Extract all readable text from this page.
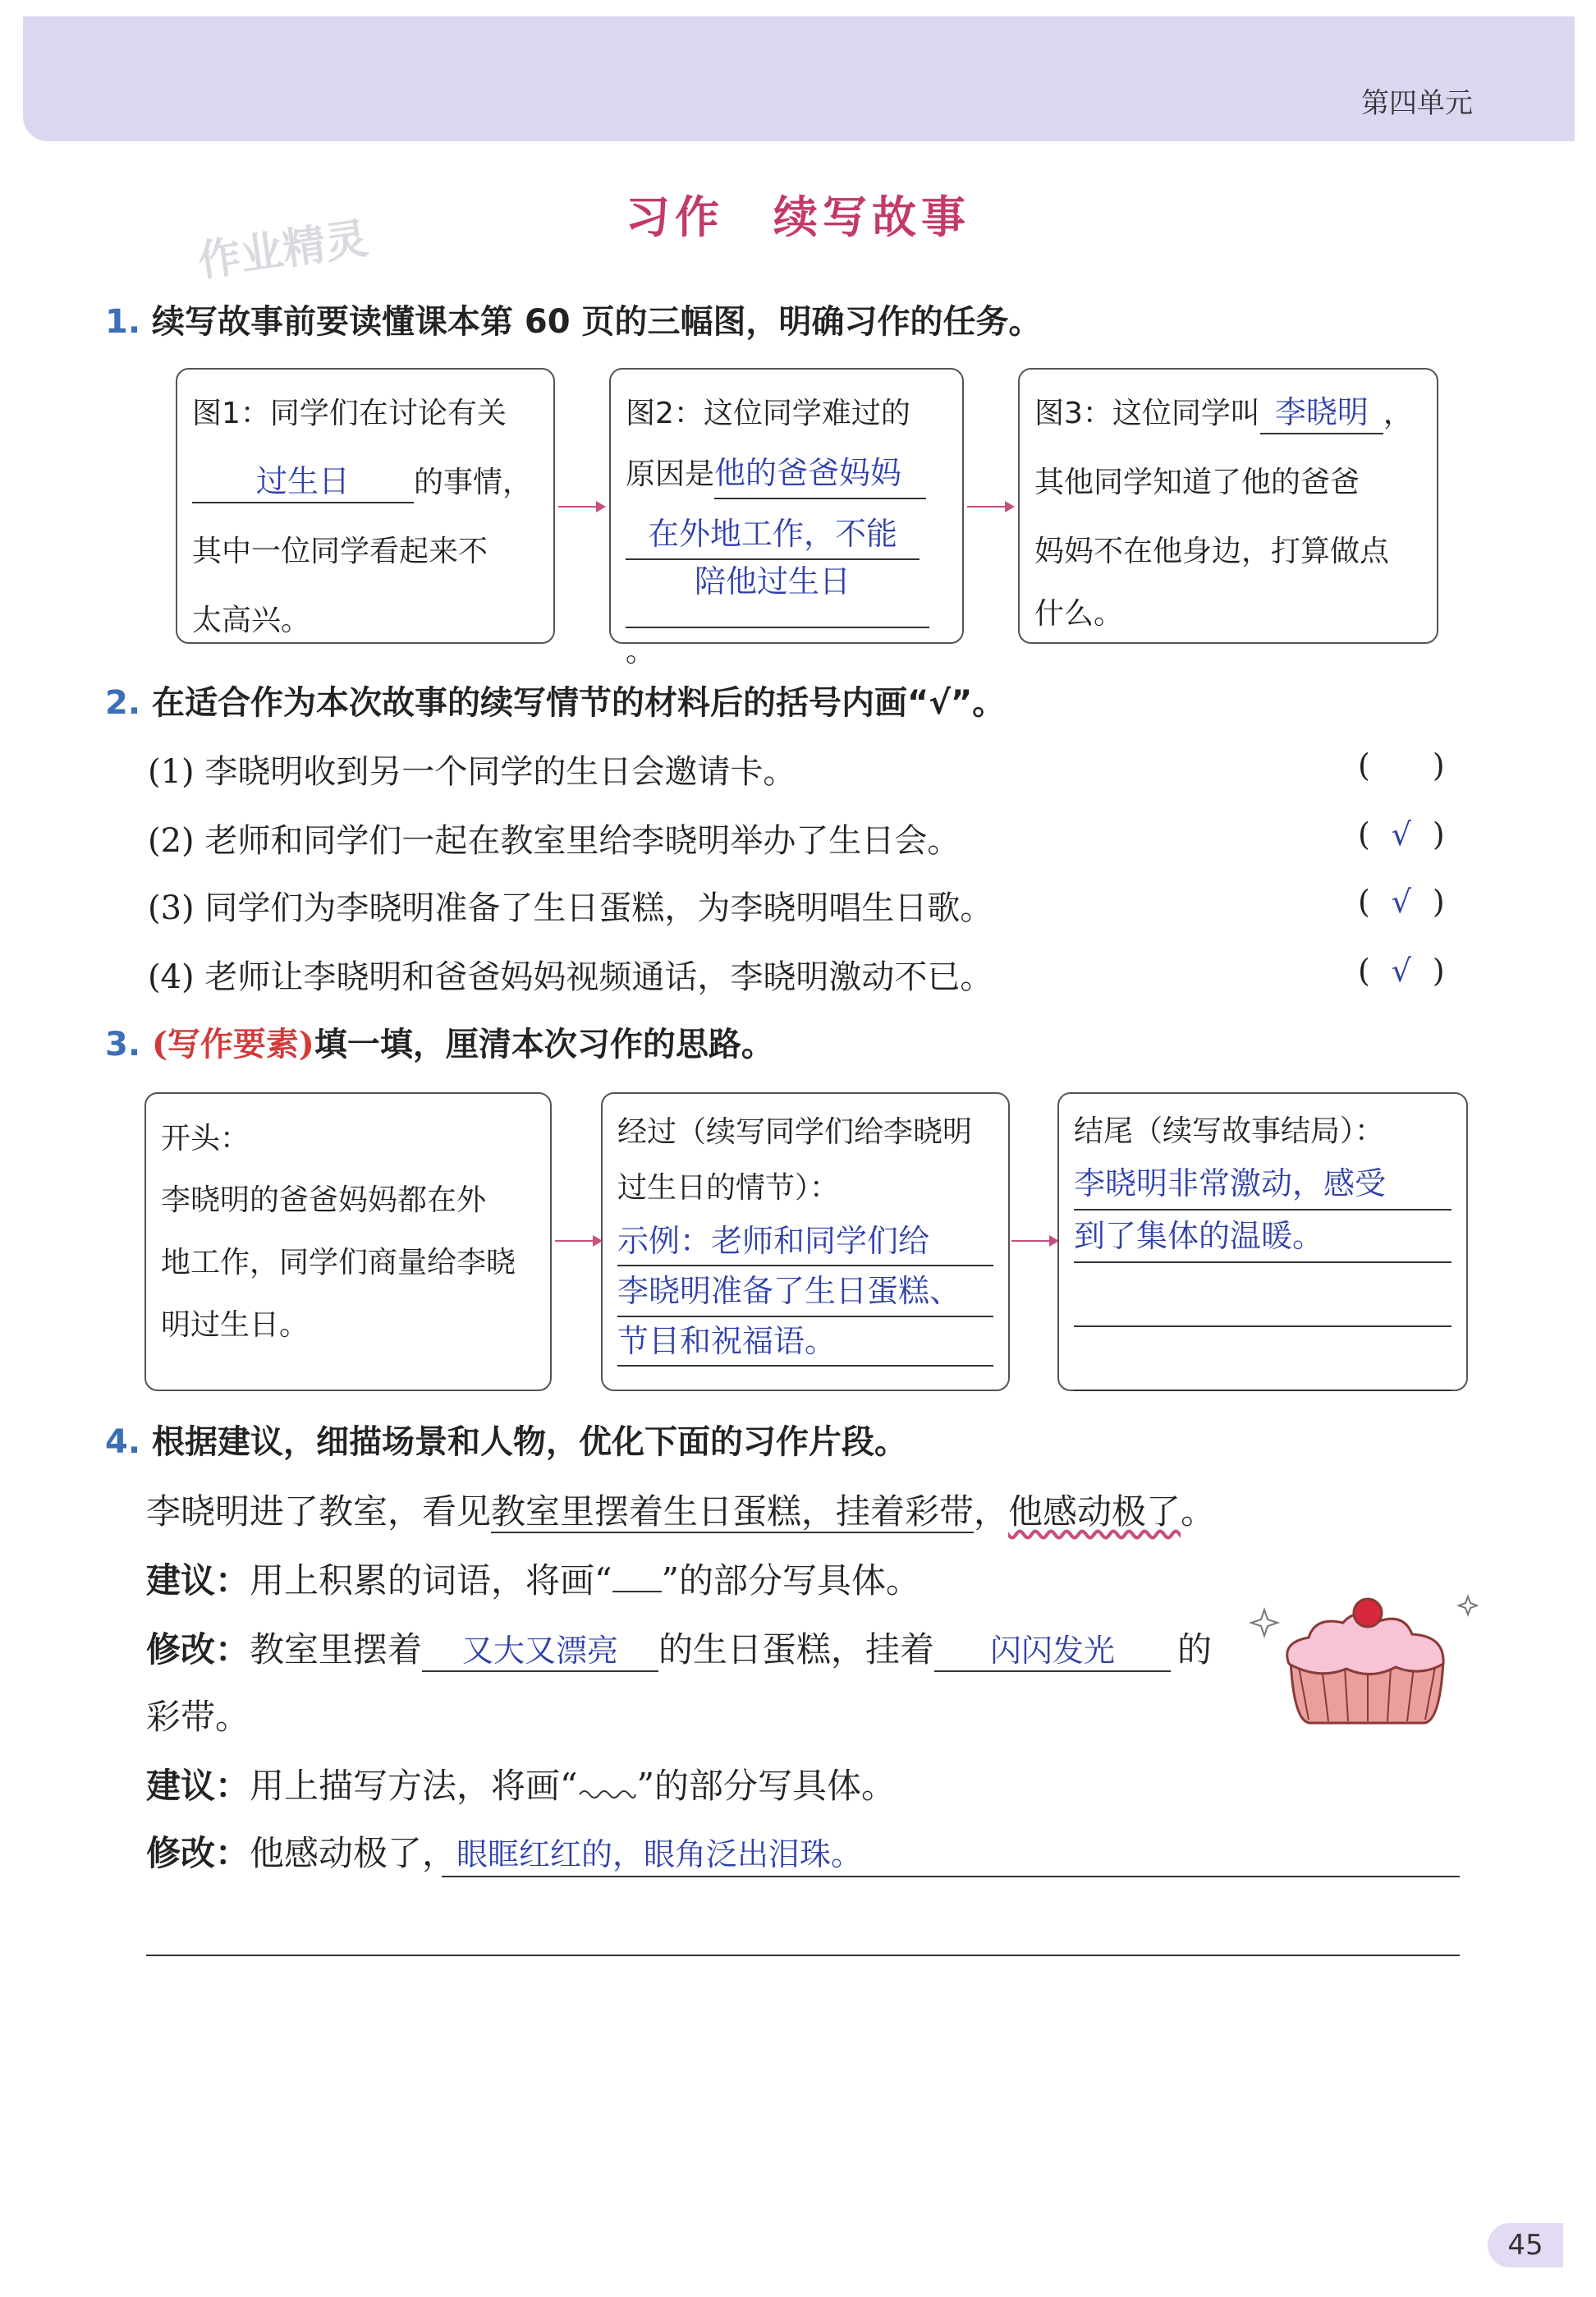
第四单元
作业精灵	习作　续写故事
1. 续写故事前要读懂课本第 60 页的三幅图，明确习作的任务。
图1：同学们在讨论有关
过生日 的事情，
其中一位同学看起来不
太高兴。
图2：这位同学难过的
原因是他的爸爸妈妈
在外地工作，不能
陪他过生日
。
图3：这位同学叫 李晓明 ，
其他同学知道了他的爸爸
妈妈不在他身边，打算做点
什么。
2. 在适合作为本次故事的续写情节的材料后的括号内画“√”。
(1) 李晓明收到另一个同学的生日会邀请卡。	( )
(2) 老师和同学们一起在教室里给李晓明举办了生日会。	( √ )
(3) 同学们为李晓明准备了生日蛋糕，为李晓明唱生日歌。	( √ )
(4) 老师让李晓明和爸爸妈妈视频通话，李晓明激动不已。	( √ )
3. (写作要素)填一填，厘清本次习作的思路。
开头：
李晓明的爸爸妈妈都在外
地工作，同学们商量给李晓
明过生日。
经过（续写同学们给李晓明
过生日的情节）：
示例：老师和同学们给
李晓明准备了生日蛋糕、
节目和祝福语。
结尾（续写故事结局）：
李晓明非常激动，感受
到了集体的温暖。
4. 根据建议，细描场景和人物，优化下面的习作片段。
李晓明进了教室，看见教室里摆着生日蛋糕，挂着彩带，他感动极了。
建议：用上积累的词语，将画“ ”的部分写具体。
修改：教室里摆着 又大又漂亮 的生日蛋糕，挂着 闪闪发光 的
彩带。
建议：用上描写方法，将画“ ”的部分写具体。
修改：他感动极了，眼眶红红的，眼角泛出泪珠。
45
